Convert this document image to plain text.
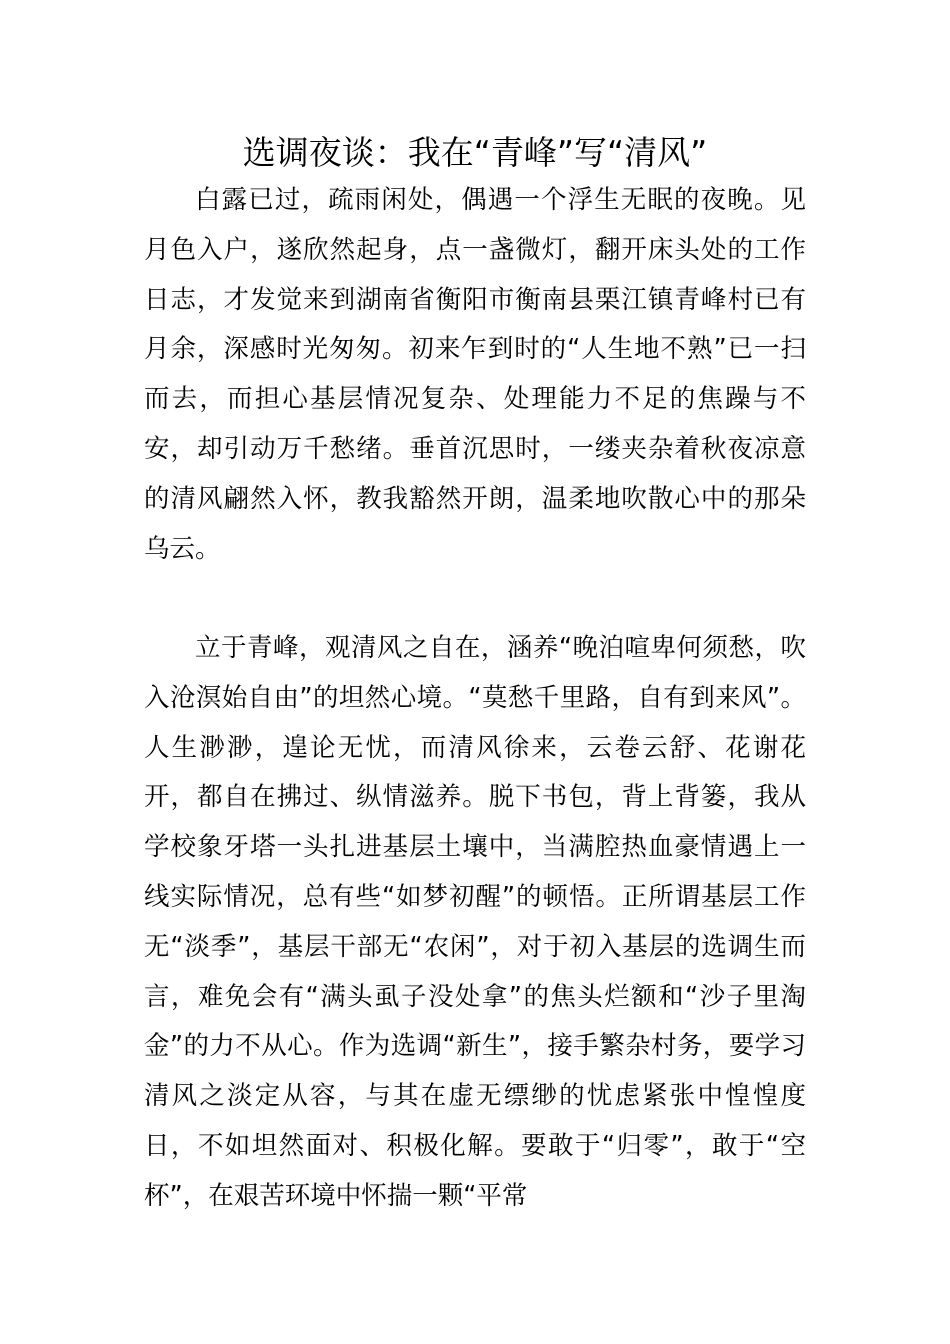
选调夜谈：我在“青峰”写“清风”

白露已过，疏雨闲处，偶遇一个浮生无眠的夜晚。见月色入户，遂欣然起身，点一盏微灯，翻开床头处的工作日志，才发觉来到湖南省衡阳市衡南县栗江镇青峰村已有月余，深感时光匆匆。初来乍到时的“人生地不熟”已一扫而去，而担心基层情况复杂、处理能力不足的焦躁与不安，却引动万千愁绪。垂首沉思时，一缕夹杂着秋夜凉意的清风翩然入怀，教我豁然开朗，温柔地吹散心中的那朵乌云。

立于青峰，观清风之自在，涵养“晚泊喧卑何须愁，吹入沧溟始自由”的坦然心境。“莫愁千里路，自有到来风”。人生渺渺，遑论无忧，而清风徐来，云卷云舒、花谢花开，都自在拂过、纵情滋养。脱下书包，背上背篓，我从学校象牙塔一头扎进基层土壤中，当满腔热血豪情遇上一线实际情况，总有些“如梦初醒”的顿悟。正所谓基层工作无“淡季”，基层干部无“农闲”，对于初入基层的选调生而言，难免会有“满头虱子没处拿”的焦头烂额和“沙子里淘金”的力不从心。作为选调“新生”，接手繁杂村务，要学习清风之淡定从容，与其在虚无缥缈的忧虑紧张中惶惶度日，不如坦然面对、积极化解。要敢于“归零”，敢于“空杯”，在艰苦环境中怀揣一颗“平常
